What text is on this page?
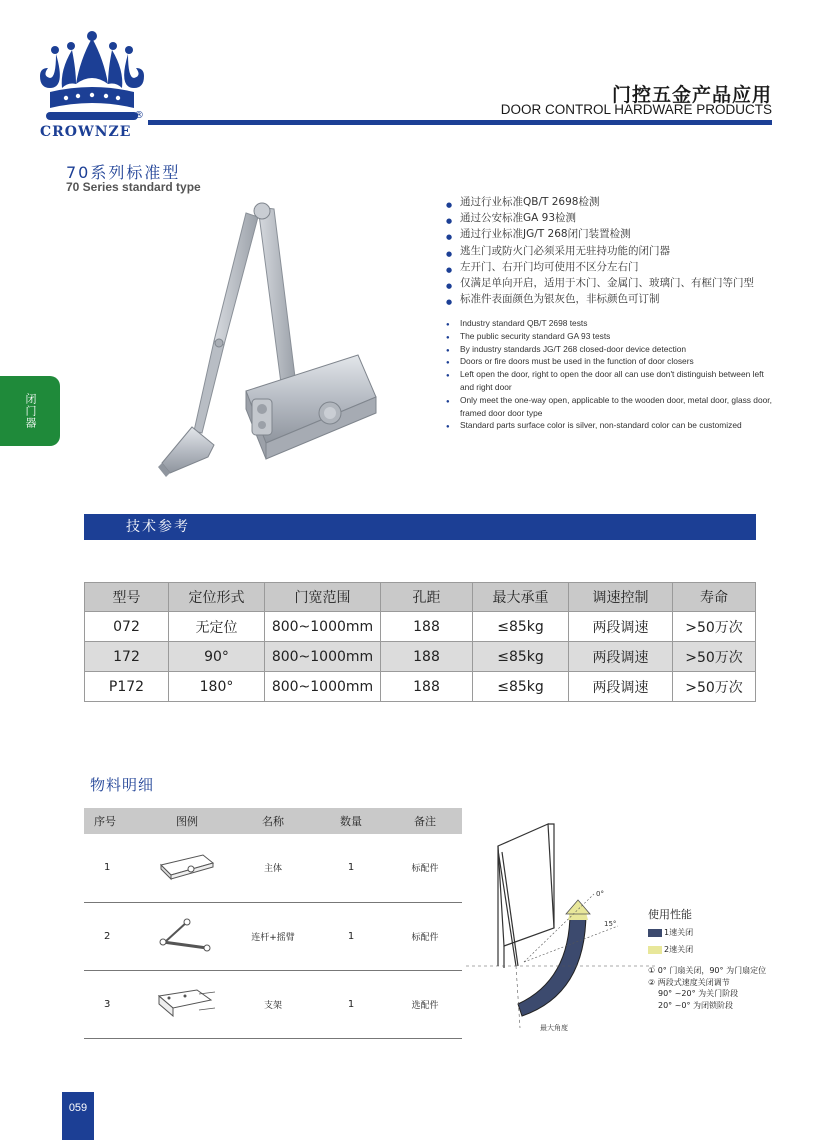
CROWNZE
®
门控五金产品应用
DOOR CONTROL HARDWARE PRODUCTS
70系列标准型
70 Series standard type
闭门器
● 通过行业标准QB/T 2698检测
● 通过公安标准GA 93检测
● 通过行业标准JG/T 268闭门装置检测
● 逃生门或防火门必须采用无驻持功能的闭门器
● 左开门、右开门均可使用不区分左右门
● 仅满足单向开启，适用于木门、金属门、玻璃门、有框门等门型
● 标准件表面颜色为银灰色，非标颜色可订制
● Industry standard QB/T 2698 tests
● The public security standard GA 93 tests
● By industry standards JG/T 268 closed-door device detection
● Doors or fire doors must be used in the function of door closers
● Left open the door, right to open the door all can use don't distinguish between left and right door
● Only meet the one-way open, applicable to the wooden door, metal door, glass door, framed door door type
● Standard parts surface color is silver, non-standard color can be customized
技术参考
型号	定位形式	门宽范围	孔距	最大承重	调速控制	寿命
072	无定位	800~1000mm	188	≤85kg	两段调速	>50万次
172	90°	800~1000mm	188	≤85kg	两段调速	>50万次
P172	180°	800~1000mm	188	≤85kg	两段调速	>50万次
物料明细
序号	图例	名称	数量	备注
1		主体	1	标配件
2		连杆+摇臂	1	标配件
3		支架	1	选配件
0°
15°
最大角度
使用性能
1速关闭
2速关闭
① 0° 门扇关闭，90° 为门扇定位
② 两段式速度关闭调节
90° ~20° 为关门阶段
20° ~0° 为闭锁阶段
059
